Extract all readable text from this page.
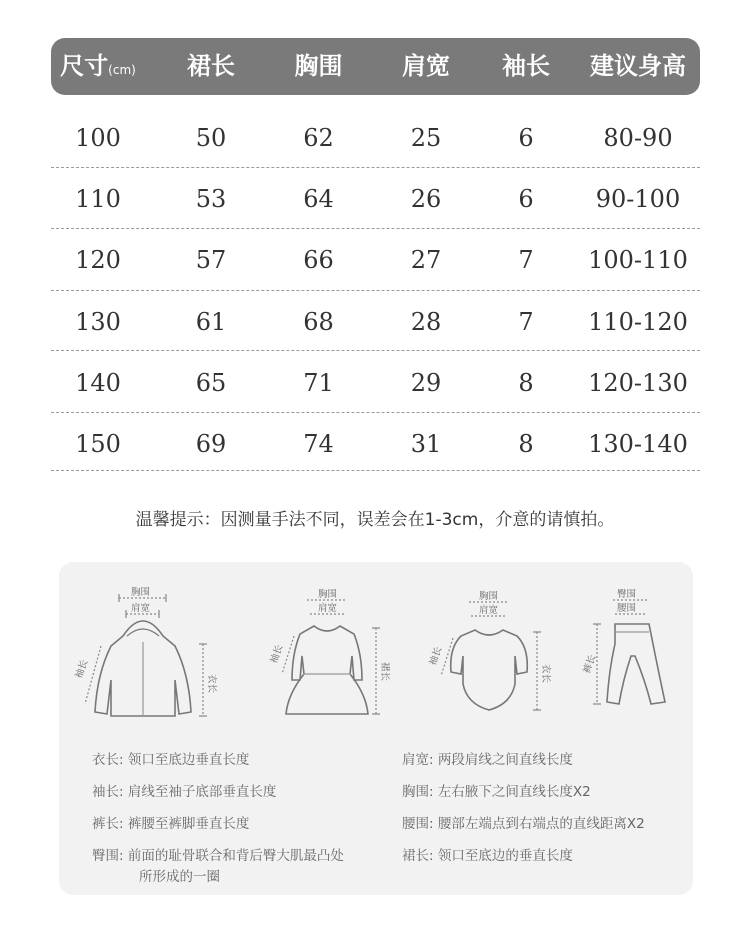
尺寸(cm)	裙长	胸围	肩宽	袖长	建议身高
100	50	62	25	6	80-90
110	53	64	26	6	90-100
120	57	66	27	7	100-110
130	61	68	28	7	110-120
140	65	71	29	8	120-130
150	69	74	31	8	130-140
温馨提示：因测量手法不同，误差会在1-3cm，介意的请慎拍。
胸围
肩宽
袖长
衣长
胸围
肩宽
袖长
裙长
胸围
肩宽
袖长
衣长
臀围
腰围
裤长
衣长: 领口至底边垂直长度
袖长: 肩线至袖子底部垂直长度
裤长: 裤腰至裤脚垂直长度
臀围: 前面的耻骨联合和背后臀大肌最凸处
所形成的一圈
肩宽: 两段肩线之间直线长度
胸围: 左右腋下之间直线长度X2
腰围: 腰部左端点到右端点的直线距离X2
裙长: 领口至底边的垂直长度
